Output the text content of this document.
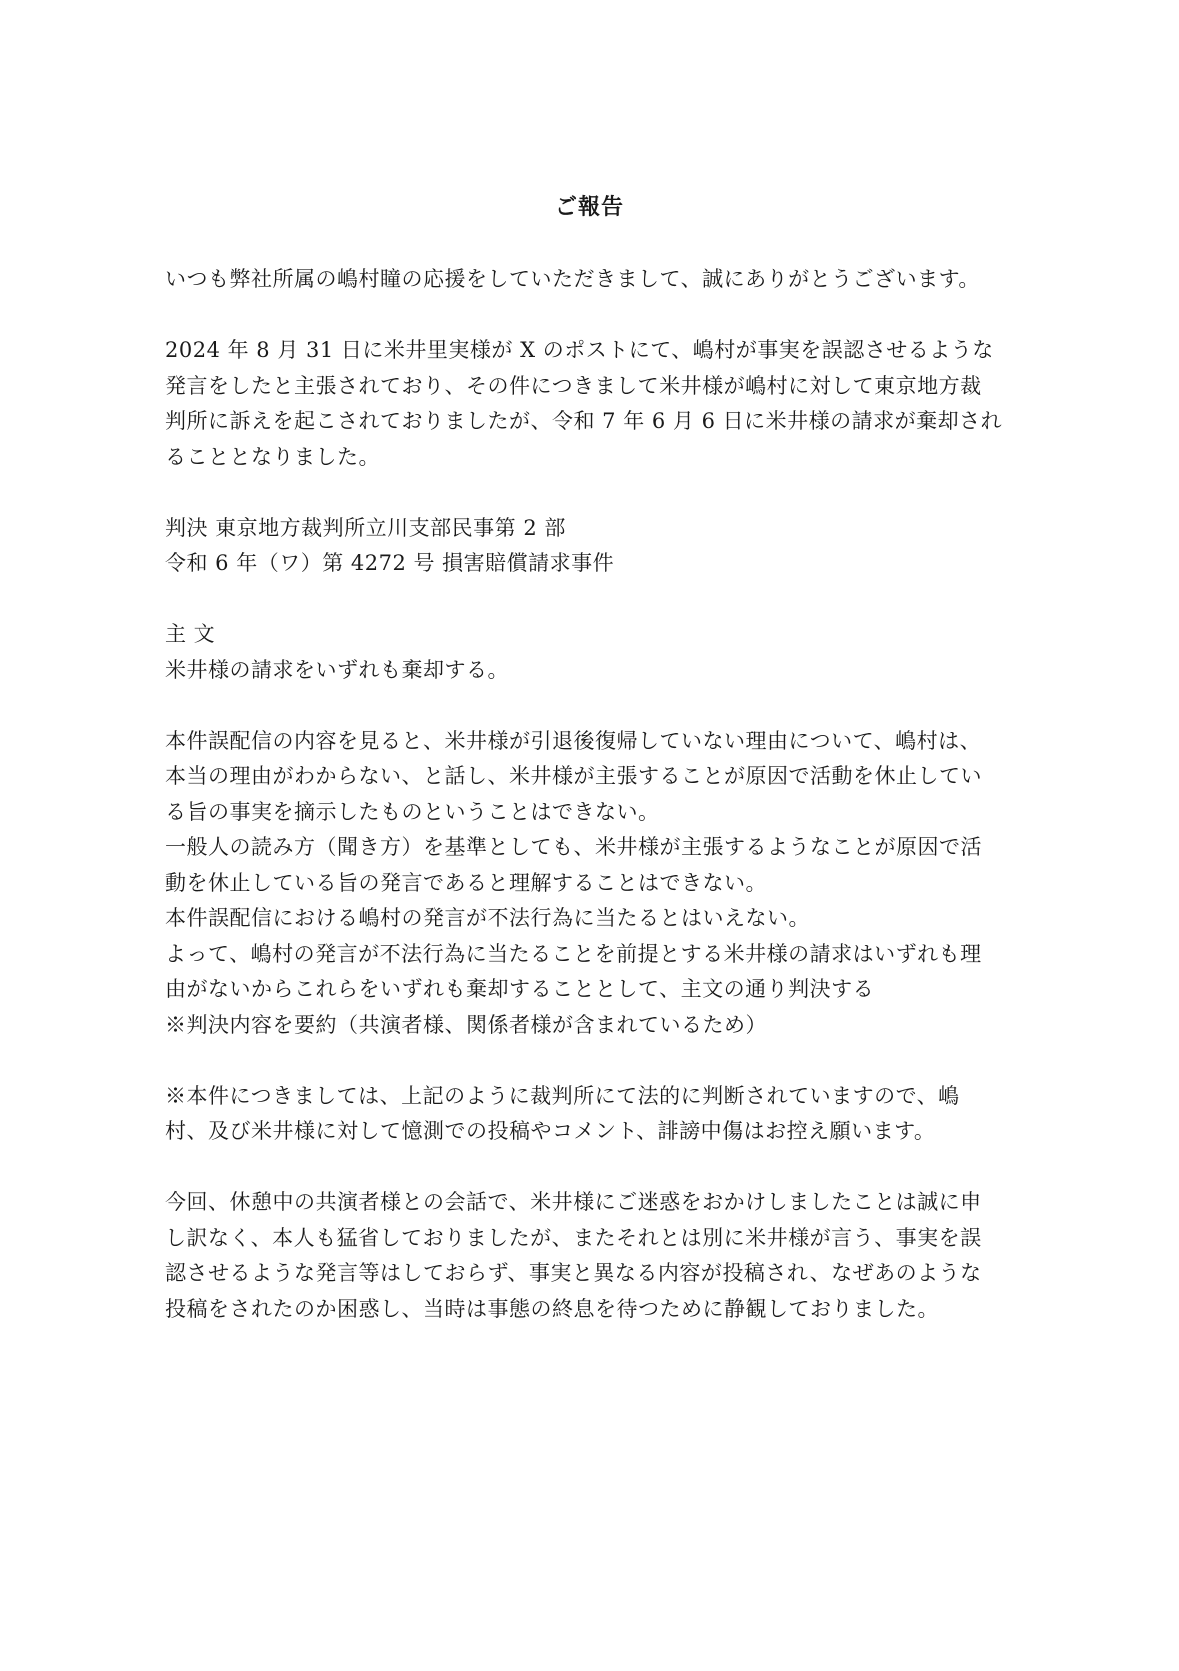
ご報告
いつも弊社所属の嶋村瞳の応援をしていただきまして、誠にありがとうございます。
2024 年 8 月 31 日に米井里実様が X のポストにて、嶋村が事実を誤認させるような
発言をしたと主張されており、その件につきまして米井様が嶋村に対して東京地方裁
判所に訴えを起こされておりましたが、令和 7 年 6 月 6 日に米井様の請求が棄却され
ることとなりました。
判決 東京地方裁判所立川支部民事第 2 部
令和 6 年（ワ）第 4272 号 損害賠償請求事件
主 文
米井様の請求をいずれも棄却する。
本件誤配信の内容を見ると、米井様が引退後復帰していない理由について、嶋村は、
本当の理由がわからない、と話し、米井様が主張することが原因で活動を休止してい
る旨の事実を摘示したものということはできない。
一般人の読み方（聞き方）を基準としても、米井様が主張するようなことが原因で活
動を休止している旨の発言であると理解することはできない。
本件誤配信における嶋村の発言が不法行為に当たるとはいえない。
よって、嶋村の発言が不法行為に当たることを前提とする米井様の請求はいずれも理
由がないからこれらをいずれも棄却することとして、主文の通り判決する
※判決内容を要約（共演者様、関係者様が含まれているため）
※本件につきましては、上記のように裁判所にて法的に判断されていますので、嶋
村、及び米井様に対して憶測での投稿やコメント、誹謗中傷はお控え願います。
今回、休憩中の共演者様との会話で、米井様にご迷惑をおかけしましたことは誠に申
し訳なく、本人も猛省しておりましたが、またそれとは別に米井様が言う、事実を誤
認させるような発言等はしておらず、事実と異なる内容が投稿され、なぜあのような
投稿をされたのか困惑し、当時は事態の終息を待つために静観しておりました。
